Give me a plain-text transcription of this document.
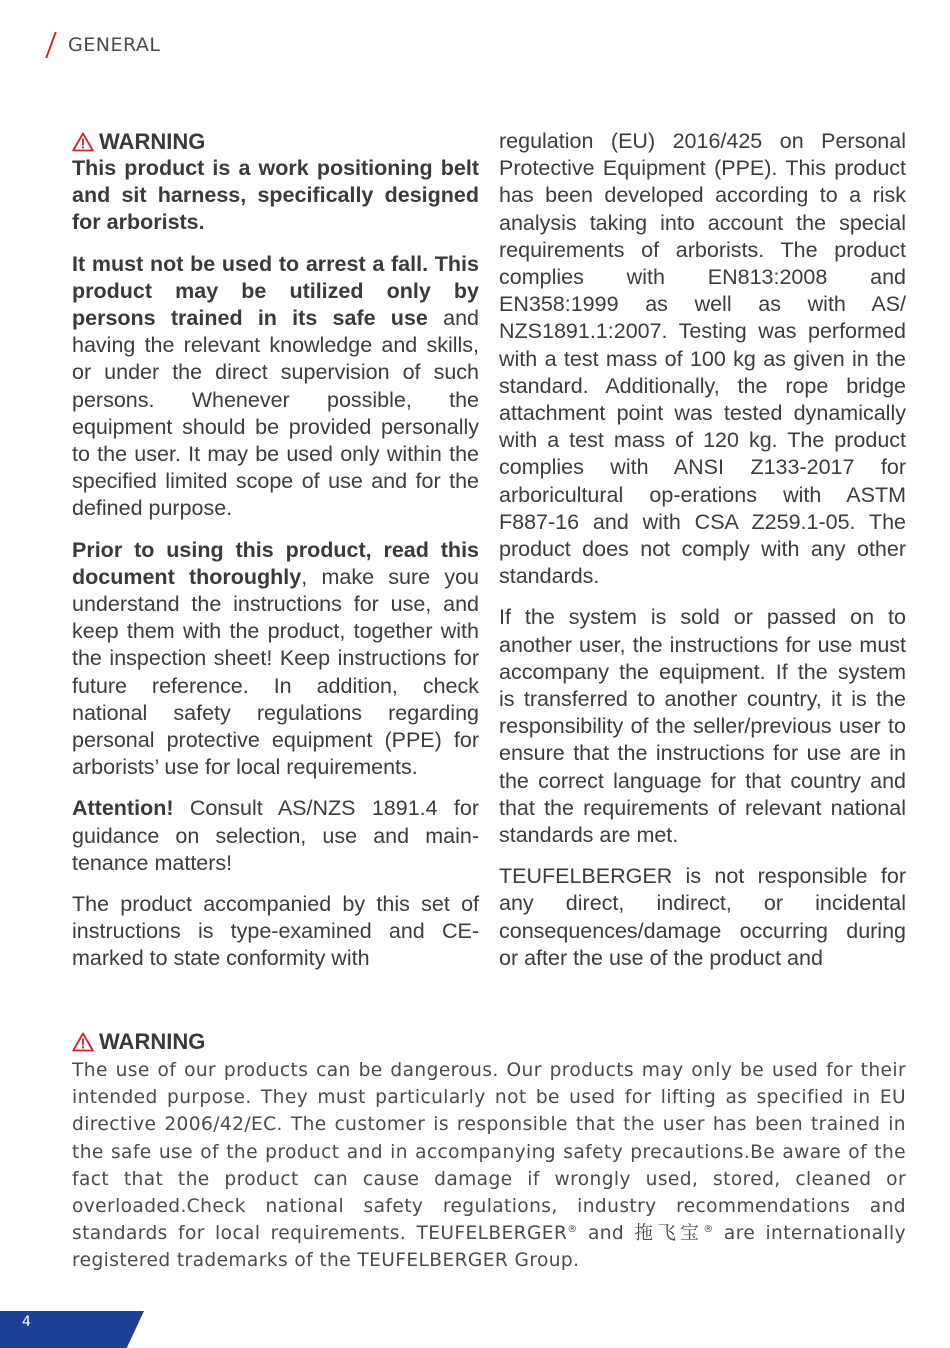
GENERAL
WARNING

This product is a work positioning belt and sit harness, specifically designed for arborists.

It must not be used to arrest a fall. This product may be utilized only by persons trained in its safe use and having the relevant knowledge and skills, or under the direct supervision of such persons. Whenever possible, the equipment should be provided personally to the user. It may be used only within the specified limited scope of use and for the defined purpose.

Prior to using this product, read this document thoroughly, make sure you understand the instructions for use, and keep them with the product, together with the inspection sheet! Keep instructions for future reference. In addition, check national safety regulations regarding personal protective equipment (PPE) for arborists’ use for local requirements.

Attention! Consult AS/NZS 1891.4 for guidance on selection, use and maintenance matters!

The product accompanied by this set of instructions is type-examined and CE-marked to state conformity with

regulation (EU) 2016/425 on Personal Protective Equipment (PPE). This product has been developed according to a risk analysis taking into account the special requirements of arborists. The product complies with EN813:2008 and EN358:1999 as well as with AS/ NZS1891.1:2007. Testing was performed with a test mass of 100 kg as given in the standard. Additionally, the rope bridge attachment point was tested dynamically with a test mass of 120 kg. The product complies with ANSI Z133-2017 for arboricultural op-erations with ASTM F887-16 and with CSA Z259.1-05. The product does not comply with any other standards.

If the system is sold or passed on to another user, the instructions for use must accompany the equipment. If the system is transferred to another country, it is the responsibility of the seller/previous user to ensure that the instructions for use are in the correct language for that country and that the requirements of relevant national standards are met.

TEUFELBERGER is not responsible for any direct, indirect, or incidental consequences/damage occurring during or after the use of the product and

WARNING

The use of our products can be dangerous. Our products may only be used for their intended purpose. They must particularly not be used for lifting as specified in EU directive 2006/42/EC. The customer is responsible that the user has been trained in the safe use of the product and in accompanying safety precautions.Be aware of the fact that the product can cause damage if wrongly used, stored, cleaned or overloaded.Check national safety regulations, industry recommendations and standards for local requirements. TEUFELBERGER® and 拖飞宝® are internationally registered trademarks of the TEUFELBERGER Group.

4
